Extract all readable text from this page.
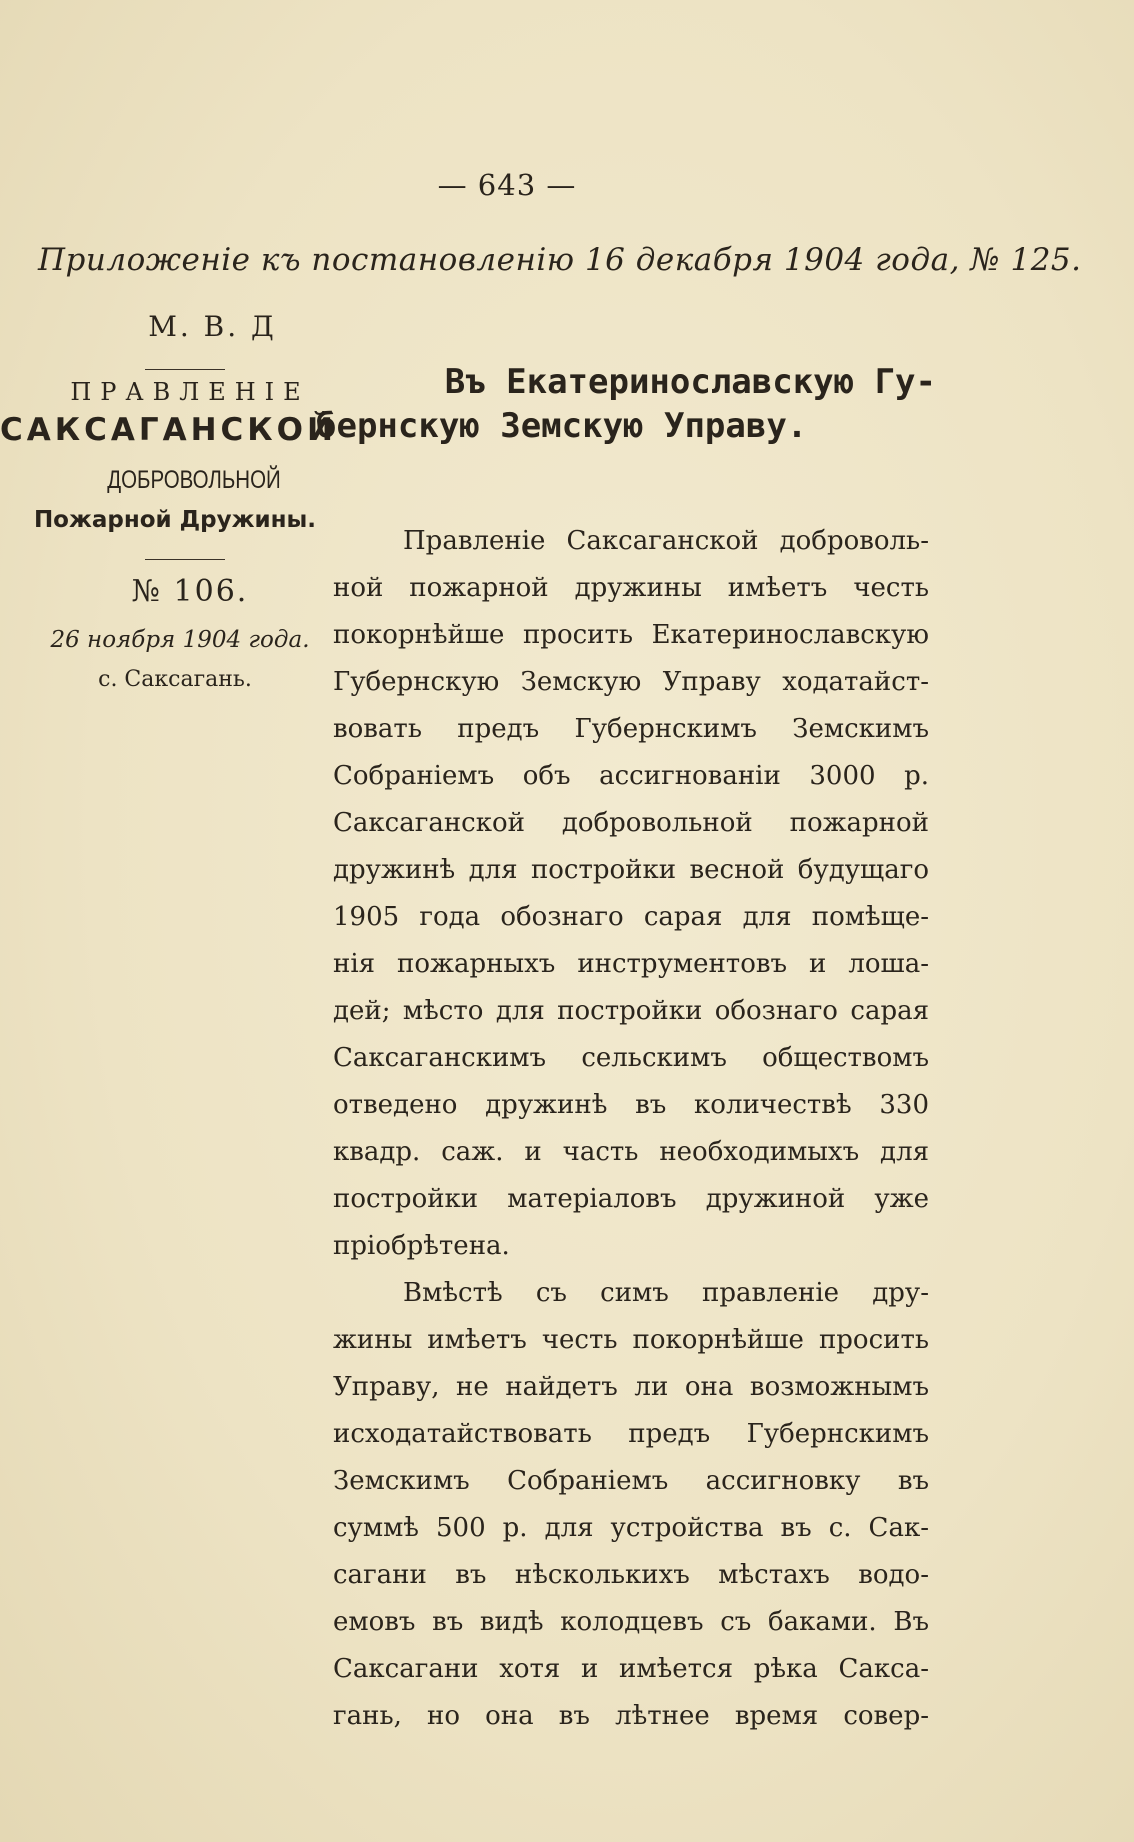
— 643 —
Приложеніе къ постановленію 16 декабря 1904 года, № 125.
М. В. Д
ПРАВЛЕНІЕ
САКСАГАНСКОЙ
ДОБРОВОЛЬНОЙ
Пожарной Дружины.
№ 106.
26 ноября 1904 года.
с. Саксагань.
Въ Екатеринославскую Гу-
бернскую Земскую Управу.
Правленіе Саксаганской доброволь-
ной пожарной дружины имѣетъ честь
покорнѣйше просить Екатеринославскую
Губернскую Земскую Управу ходатайст-
вовать предъ Губернскимъ Земскимъ
Собраніемъ объ ассигнованіи 3000 р.
Саксаганской добровольной пожарной
дружинѣ для постройки весной будущаго
1905 года обознаго сарая для помѣще-
нія пожарныхъ инструментовъ и лоша-
дей; мѣсто для постройки обознаго сарая
Саксаганскимъ сельскимъ обществомъ
отведено дружинѣ въ количествѣ 330
квадр. саж. и часть необходимыхъ для
постройки матеріаловъ дружиной уже
пріобрѣтена.
Вмѣстѣ съ симъ правленіе дру-
жины имѣетъ честь покорнѣйше просить
Управу, не найдетъ ли она возможнымъ
исходатайствовать предъ Губернскимъ
Земскимъ Собраніемъ ассигновку въ
суммѣ 500 р. для устройства въ с. Сак-
сагани въ нѣсколькихъ мѣстахъ водо-
емовъ въ видѣ колодцевъ съ баками. Въ
Саксагани хотя и имѣется рѣка Сакса-
гань, но она въ лѣтнее время совер-
